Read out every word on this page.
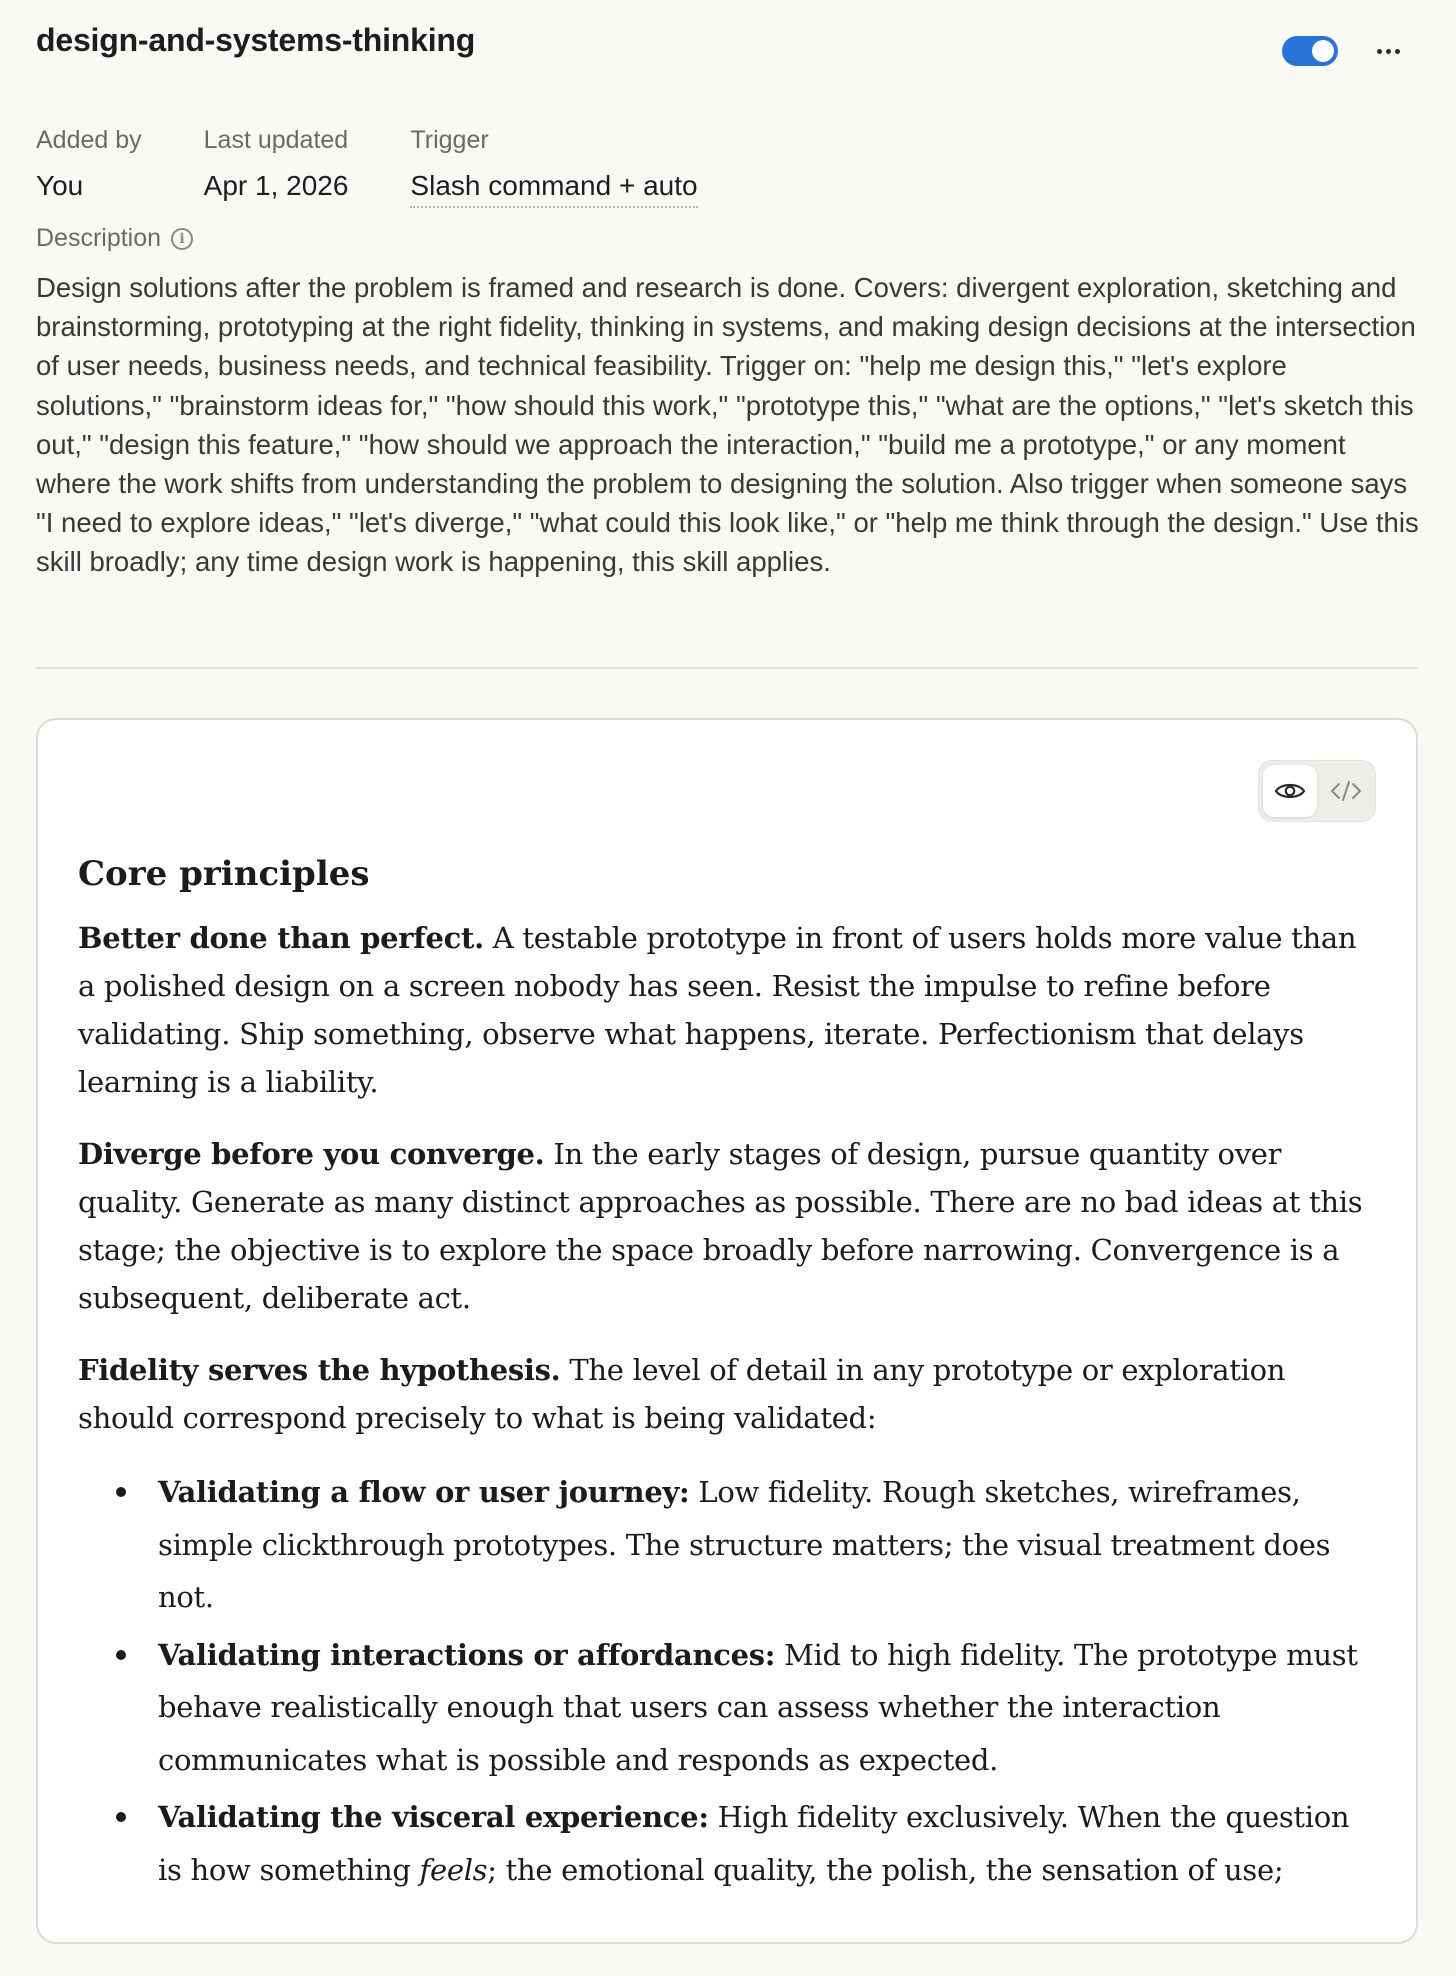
design-and-systems-thinking
Added by
You
Last updated
Apr 1, 2026
Trigger
Slash command + auto
Description	i
Design solutions after the problem is framed and research is done. Covers: divergent exploration, sketching and brainstorming, prototyping at the right fidelity, thinking in systems, and making design decisions at the intersection of user needs, business needs, and technical feasibility. Trigger on: "help me design this," "let's explore solutions," "brainstorm ideas for," "how should this work," "prototype this," "what are the options," "let's sketch this out," "design this feature," "how should we approach the interaction," "build me a prototype," or any moment where the work shifts from understanding the problem to designing the solution. Also trigger when someone says "I need to explore ideas," "let's diverge," "what could this look like," or "help me think through the design." Use this skill broadly; any time design work is happening, this skill applies.
Core principles

Better done than perfect. A testable prototype in front of users holds more value than a polished design on a screen nobody has seen. Resist the impulse to refine before validating. Ship something, observe what happens, iterate. Perfectionism that delays learning is a liability.

Diverge before you converge. In the early stages of design, pursue quantity over quality. Generate as many distinct approaches as possible. There are no bad ideas at this stage; the objective is to explore the space broadly before narrowing. Convergence is a subsequent, deliberate act.

Fidelity serves the hypothesis. The level of detail in any prototype or exploration should correspond precisely to what is being validated:

Validating a flow or user journey: Low fidelity. Rough sketches, wireframes, simple clickthrough prototypes. The structure matters; the visual treatment does not.
Validating interactions or affordances: Mid to high fidelity. The prototype must behave realistically enough that users can assess whether the interaction communicates what is possible and responds as expected.
Validating the visceral experience: High fidelity exclusively. When the question is how something feels; the emotional quality, the polish, the sensation of use;
